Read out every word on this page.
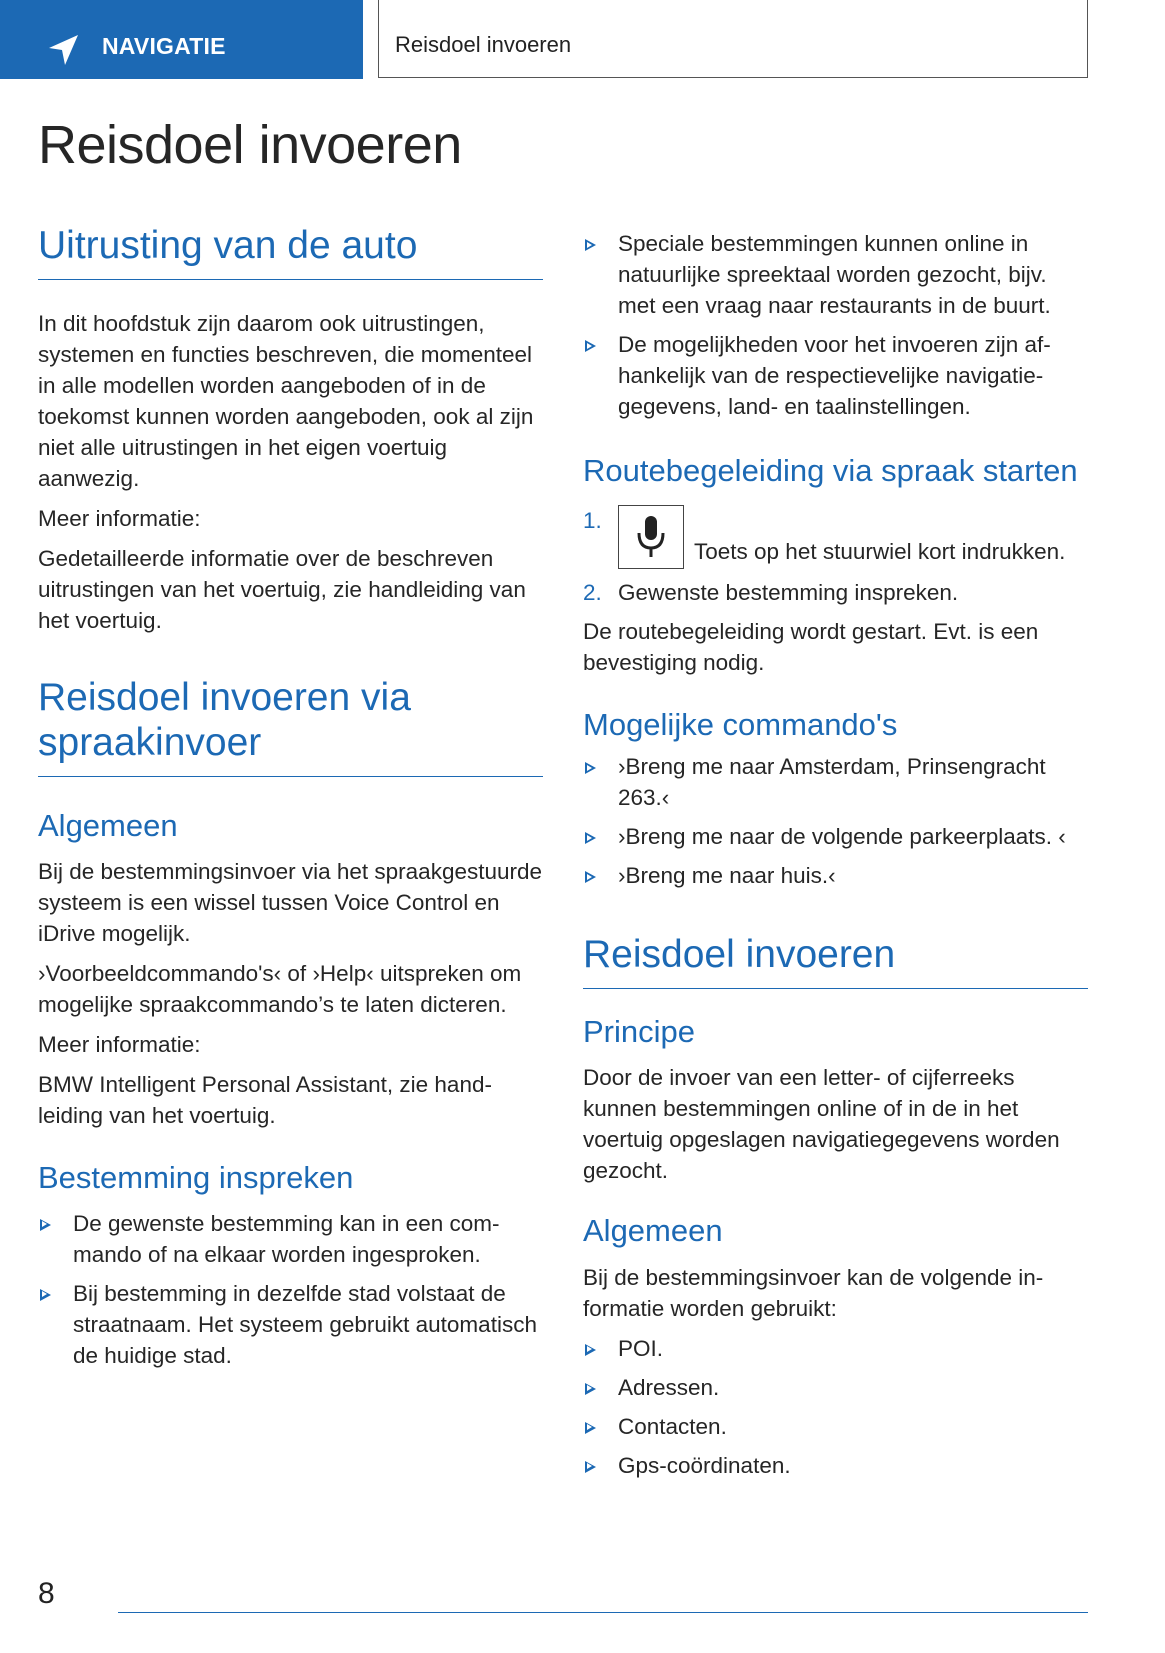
NAVIGATIE	Reisdoel invoeren
Reisdoel invoeren
Uitrusting van de auto

In dit hoofdstuk zijn daarom ook uitrustingen, systemen en functies beschreven, die momenteel in alle modellen worden aangeboden of in de toekomst kunnen worden aangeboden, ook al zijn niet alle uitrustingen in het eigen voertuig aanwezig.

Meer informatie:

Gedetailleerde informatie over de beschreven uitrustingen van het voertuig, zie handleiding van het voertuig.

Reisdoel invoeren via spraakinvoer
Algemeen

Bij de bestemmingsinvoer via het spraakgestuurde systeem is een wissel tussen Voice Control en iDrive mogelijk.

›Voorbeeldcommando's‹ of ›Help‹ uitspreken om mogelijke spraakcommando’s te laten dicteren.

Meer informatie:

BMW Intelligent Personal Assistant, zie handleiding van het voertuig.

Bestemming inspreken
De gewenste bestemming kan in een commando of na elkaar worden ingesproken.
Bij bestemming in dezelfde stad volstaat de straatnaam. Het systeem gebruikt automatisch de huidige stad.
Speciale bestemmingen kunnen online in natuurlijke spreektaal worden gezocht, bijv. met een vraag naar restaurants in de buurt.
De mogelijkheden voor het invoeren zijn afhankelijk van de respectievelijke navigatiegegevens, land- en taalinstellingen.
Routebegeleiding via spraak starten
1.
Toets op het stuurwiel kort indrukken.
2. Gewenste bestemming inspreken.

De routebegeleiding wordt gestart. Evt. is een bevestiging nodig.

Mogelijke commando's
›Breng me naar Amsterdam, Prinsengracht 263.‹
›Breng me naar de volgende parkeerplaats. ‹
›Breng me naar huis.‹
Reisdoel invoeren
Principe

Door de invoer van een letter- of cijferreeks kunnen bestemmingen online of in de in het voertuig opgeslagen navigatiegegevens worden gezocht.

Algemeen

Bij de bestemmingsinvoer kan de volgende informatie worden gebruikt:

POI.
Adressen.
Contacten.
Gps-coördinaten.
8
